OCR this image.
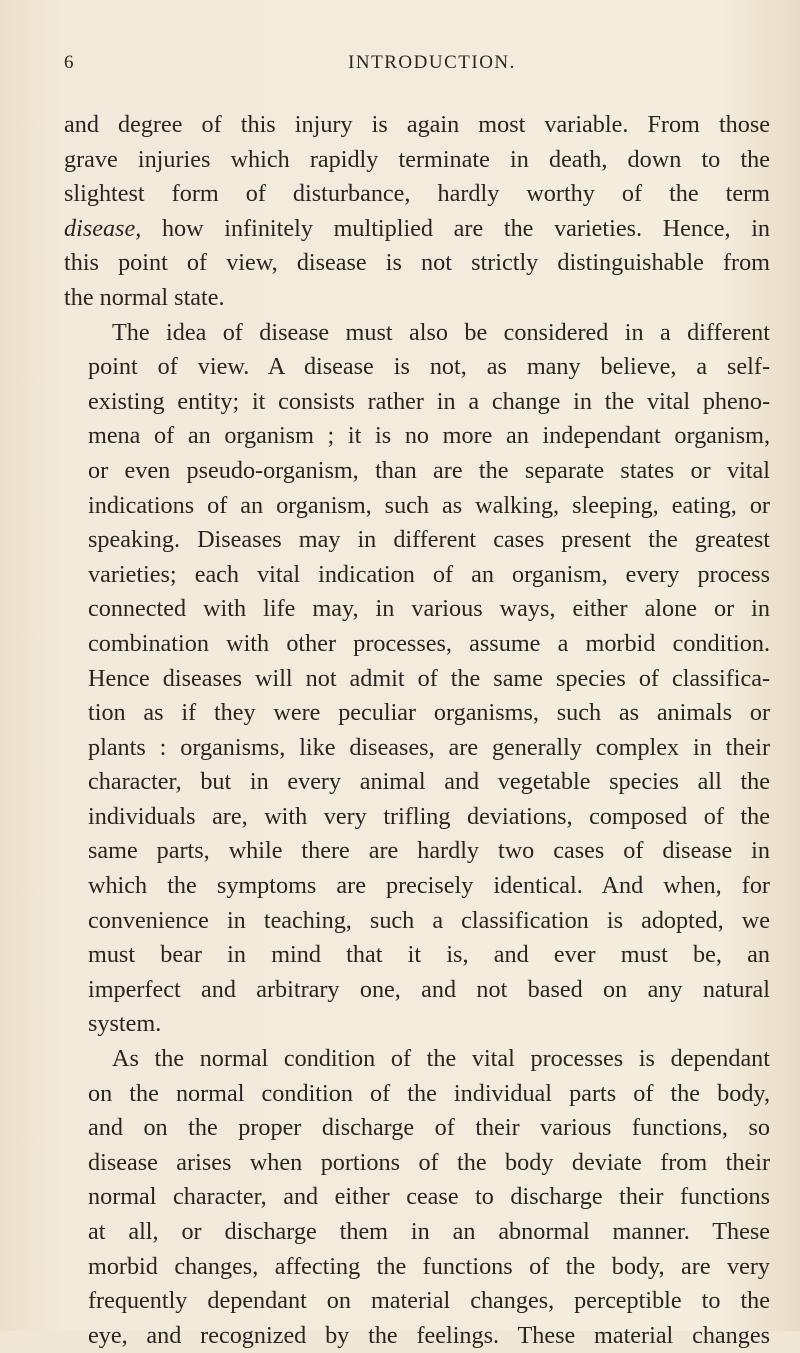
6	INTRODUCTION.

and degree of this injury is again most variable. From those
grave injuries which rapidly terminate in death, down to the
slightest form of disturbance, hardly worthy of the term
disease, how infinitely multiplied are the varieties. Hence, in
this point of view, disease is not strictly distinguishable from
the normal state.

The idea of disease must also be considered in a different
point of view. A disease is not, as many believe, a self-
existing entity; it consists rather in a change in the vital pheno-
mena of an organism ; it is no more an independant organism,
or even pseudo-organism, than are the separate states or vital
indications of an organism, such as walking, sleeping, eating, or
speaking. Diseases may in different cases present the greatest
varieties; each vital indication of an organism, every process
connected with life may, in various ways, either alone or in
combination with other processes, assume a morbid condition.
Hence diseases will not admit of the same species of classifica-
tion as if they were peculiar organisms, such as animals or
plants : organisms, like diseases, are generally complex in their
character, but in every animal and vegetable species all the
individuals are, with very trifling deviations, composed of the
same parts, while there are hardly two cases of disease in
which the symptoms are precisely identical. And when, for
convenience in teaching, such a classification is adopted, we
must bear in mind that it is, and ever must be, an
imperfect and arbitrary one, and not based on any natural
system.

As the normal condition of the vital processes is dependant
on the normal condition of the individual parts of the body,
and on the proper discharge of their various functions, so
disease arises when portions of the body deviate from their
normal character, and either cease to discharge their functions
at all, or discharge them in an abnormal manner. These
morbid changes, affecting the functions of the body, are very
frequently dependant on material changes, perceptible to the
eye, and recognized by the feelings. These material changes
